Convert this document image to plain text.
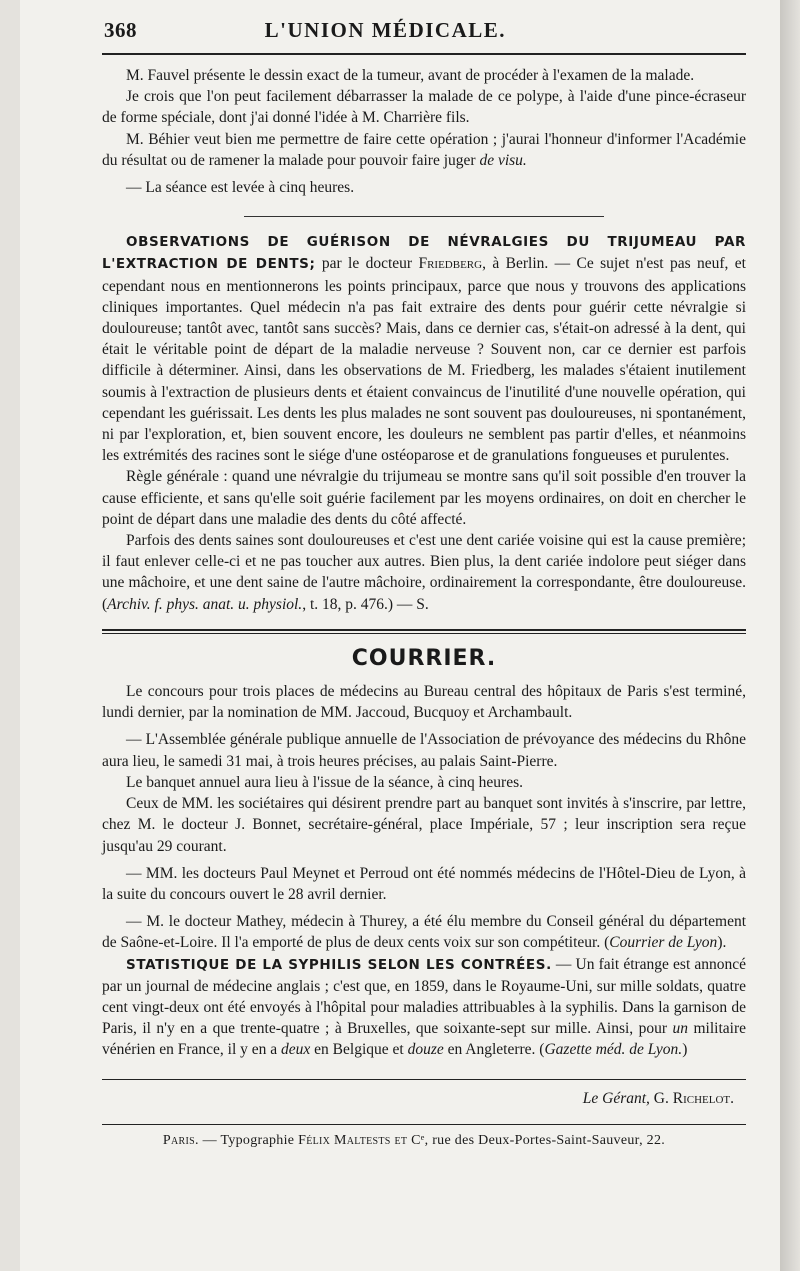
368	L'UNION MÉDICALE.

M. Fauvel présente le dessin exact de la tumeur, avant de procéder à l'examen de la malade.

Je crois que l'on peut facilement débarrasser la malade de ce polype, à l'aide d'une pince-écraseur de forme spéciale, dont j'ai donné l'idée à M. Charrière fils.

M. Béhier veut bien me permettre de faire cette opération ; j'aurai l'honneur d'informer l'Académie du résultat ou de ramener la malade pour pouvoir faire juger de visu.

— La séance est levée à cinq heures.

OBSERVATIONS DE GUÉRISON DE NÉVRALGIES DU TRIJUMEAU PAR L'EXTRACTION DE DENTS; par le docteur Friedberg, à Berlin. — Ce sujet n'est pas neuf, et cependant nous en mentionnerons les points principaux, parce que nous y trouvons des applications cliniques importantes. Quel médecin n'a pas fait extraire des dents pour guérir cette névralgie si douloureuse; tantôt avec, tantôt sans succès? Mais, dans ce dernier cas, s'était-on adressé à la dent, qui était le véritable point de départ de la maladie nerveuse ? Souvent non, car ce dernier est parfois difficile à déterminer. Ainsi, dans les observations de M. Friedberg, les malades s'étaient inutilement soumis à l'extraction de plusieurs dents et étaient convaincus de l'inutilité d'une nouvelle opération, qui cependant les guérissait. Les dents les plus malades ne sont souvent pas douloureuses, ni spontanément, ni par l'exploration, et, bien souvent encore, les douleurs ne semblent pas partir d'elles, et néanmoins les extrémités des racines sont le siége d'une ostéoparose et de granulations fongueuses et purulentes.

Règle générale : quand une névralgie du trijumeau se montre sans qu'il soit possible d'en trouver la cause efficiente, et sans qu'elle soit guérie facilement par les moyens ordinaires, on doit en chercher le point de départ dans une maladie des dents du côté affecté.

Parfois des dents saines sont douloureuses et c'est une dent cariée voisine qui est la cause première; il faut enlever celle-ci et ne pas toucher aux autres. Bien plus, la dent cariée indolore peut siéger dans une mâchoire, et une dent saine de l'autre mâchoire, ordinairement la correspondante, être douloureuse. (Archiv. f. phys. anat. u. physiol., t. 18, p. 476.) — S.

COURRIER.

Le concours pour trois places de médecins au Bureau central des hôpitaux de Paris s'est terminé, lundi dernier, par la nomination de MM. Jaccoud, Bucquoy et Archambault.

— L'Assemblée générale publique annuelle de l'Association de prévoyance des médecins du Rhône aura lieu, le samedi 31 mai, à trois heures précises, au palais Saint-Pierre.

Le banquet annuel aura lieu à l'issue de la séance, à cinq heures.

Ceux de MM. les sociétaires qui désirent prendre part au banquet sont invités à s'inscrire, par lettre, chez M. le docteur J. Bonnet, secrétaire-général, place Impériale, 57 ; leur inscription sera reçue jusqu'au 29 courant.

— MM. les docteurs Paul Meynet et Perroud ont été nommés médecins de l'Hôtel-Dieu de Lyon, à la suite du concours ouvert le 28 avril dernier.

— M. le docteur Mathey, médecin à Thurey, a été élu membre du Conseil général du département de Saône-et-Loire. Il l'a emporté de plus de deux cents voix sur son compétiteur. (Courrier de Lyon).

STATISTIQUE DE LA SYPHILIS SELON LES CONTRÉES. — Un fait étrange est annoncé par un journal de médecine anglais ; c'est que, en 1859, dans le Royaume-Uni, sur mille soldats, quatre cent vingt-deux ont été envoyés à l'hôpital pour maladies attribuables à la syphilis. Dans la garnison de Paris, il n'y en a que trente-quatre ; à Bruxelles, que soixante-sept sur mille. Ainsi, pour un militaire vénérien en France, il y en a deux en Belgique et douze en Angleterre. (Gazette méd. de Lyon.)

Le Gérant, G. Richelot.
Paris. — Typographie Félix Maltests et Cᵉ, rue des Deux-Portes-Saint-Sauveur, 22.
